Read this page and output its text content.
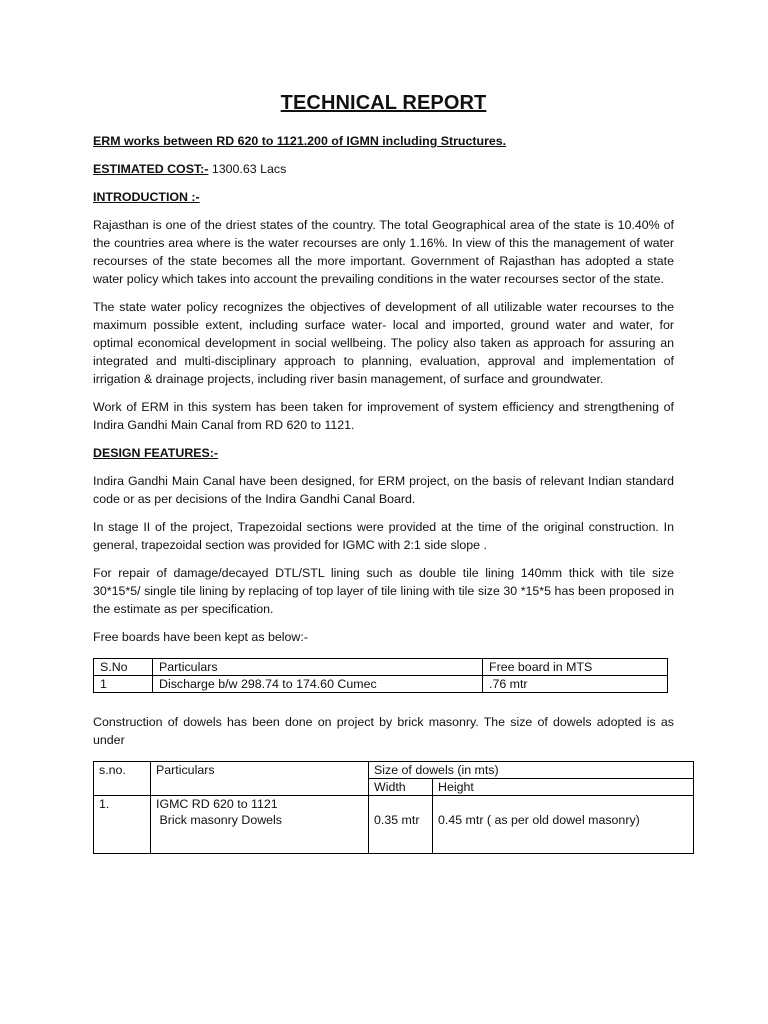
TECHNICAL REPORT
ERM works between RD 620 to 1121.200 of IGMN including Structures.
ESTIMATED COST:- 1300.63 Lacs
INTRODUCTION :-

Rajasthan is one of the driest states of the country. The total Geographical area of the state is 10.40% of the countries area where is the water recourses are only 1.16%. In view of this the management of water recourses of the state becomes all the more important. Government of Rajasthan has adopted a state water policy which takes into account the prevailing conditions in the water recourses sector of the state.

The state water policy recognizes the objectives of development of all utilizable water recourses to the maximum possible extent, including surface water- local and imported, ground water and water, for optimal economical development in social wellbeing. The policy also taken as approach for assuring an integrated and multi-disciplinary approach to planning, evaluation, approval and implementation of irrigation & drainage projects, including river basin management, of surface and groundwater.

Work of ERM in this system has been taken for improvement of system efficiency and strengthening of Indira Gandhi Main Canal from RD 620 to 1121.

DESIGN FEATURES:-

Indira Gandhi Main Canal have been designed, for ERM project, on the basis of relevant Indian standard code or as per decisions of the Indira Gandhi Canal Board.

In stage II of the project, Trapezoidal sections were provided at the time of the original construction. In general, trapezoidal section was provided for IGMC with 2:1 side slope .

For repair of damage/decayed DTL/STL lining such as double tile lining 140mm thick with tile size 30*15*5/ single tile lining by replacing of top layer of tile lining with tile size 30 *15*5 has been proposed in the estimate as per specification.

Free boards have been kept as below:-

S.No	Particulars	Free board in MTS
1	Discharge b/w 298.74 to 174.60 Cumec	.76 mtr

Construction of dowels has been done on project by brick masonry. The size of dowels adopted is as under

s.no.	Particulars	Size of dowels (in mts)	
		Width	Height
1.	IGMC RD 620 to 1121
Brick masonry Dowels	0.35 mtr	0.45 mtr ( as per old dowel masonry)
